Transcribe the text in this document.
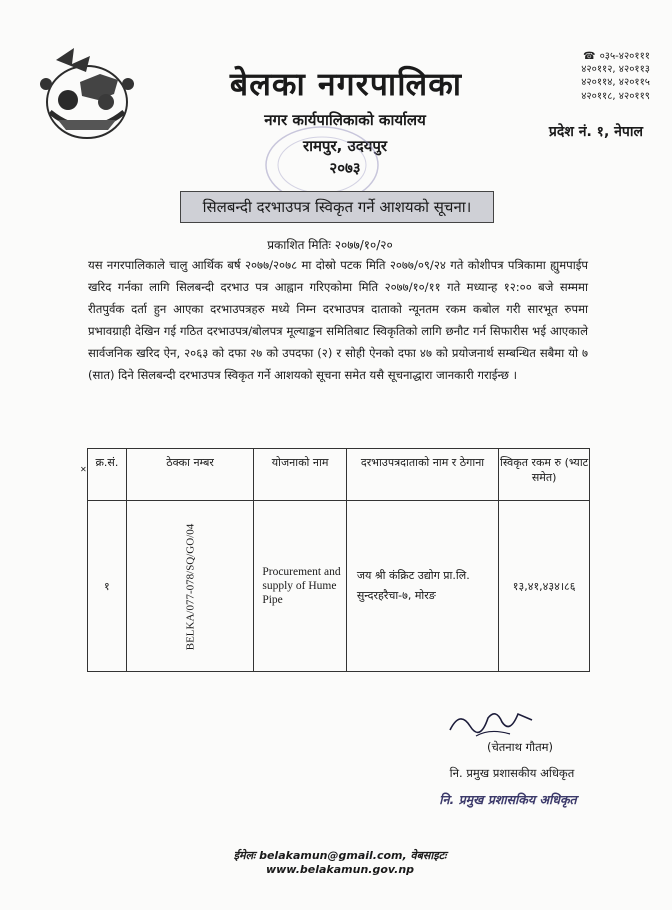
बेलका नगरपालिका
नगर कार्यपालिकाको कार्यालय
रामपुर, उदयपुर
२०७३
☎ ०३५-४२०१११
४२०११२, ४२०११३
४२०११४, ४२०११५
४२०११८, ४२०११९
प्रदेश नं. १, नेपाल
सिलबन्दी दरभाउपत्र स्विकृत गर्ने आशयको सूचना।
प्रकाशित मितिः २०७७/१०/२०
यस नगरपालिकाले चालु आर्थिक बर्ष २०७७/२०७८ मा दोस्रो पटक मिति २०७७/०९/२४ गते कोशीपत्र पत्रिकामा ह्युमपाईप खरिद गर्नका लागि सिलबन्दी दरभाउ पत्र आह्वान गरिएकोमा मिति २०७७/१०/११ गते मध्यान्ह १२:०० बजे सम्ममा रीतपुर्वक दर्ता हुन आएका दरभाउपत्रहरु मध्ये निम्न दरभाउपत्र दाताको न्यूनतम रकम कबोल गरी सारभूत रुपमा प्रभावग्राही देखिन गई गठित दरभाउपत्र/बोलपत्र मूल्याङ्कन समितिबाट स्विकृतिको लागि छनौट गर्न सिफारीस भई आएकाले सार्वजनिक खरिद ऐन, २०६३ को दफा २७ को उपदफा (२) र सोही ऐनको दफा ४७ को प्रयोजनार्थ सम्बन्धित सबैमा यो ७ (सात) दिने सिलबन्दी दरभाउपत्र स्विकृत गर्ने आशयको सूचना समेत यसै सूचनाद्धारा जानकारी गराईन्छ ।
✕
क्र.सं.	ठेक्का नम्बर	योजनाको नाम	दरभाउपत्रदाताको नाम र ठेगाना	स्विकृत रकम रु (भ्याट समेत)
१	BELKA/077-078/SQ/GO/04	Procurement and supply of Hume Pipe	जय श्री कंक्रिट उद्योग प्रा.लि.
सुन्दरहरैचा-७, मोरङ	१३,४१,४३४।८६
(चेतनाथ गौतम)
नि. प्रमुख प्रशासकीय अधिकृत
नि. प्रमुख प्रशासकिय अधिकृत
ईमेलः belakamun@gmail.com, वेबसाइटः www.belakamun.gov.np
